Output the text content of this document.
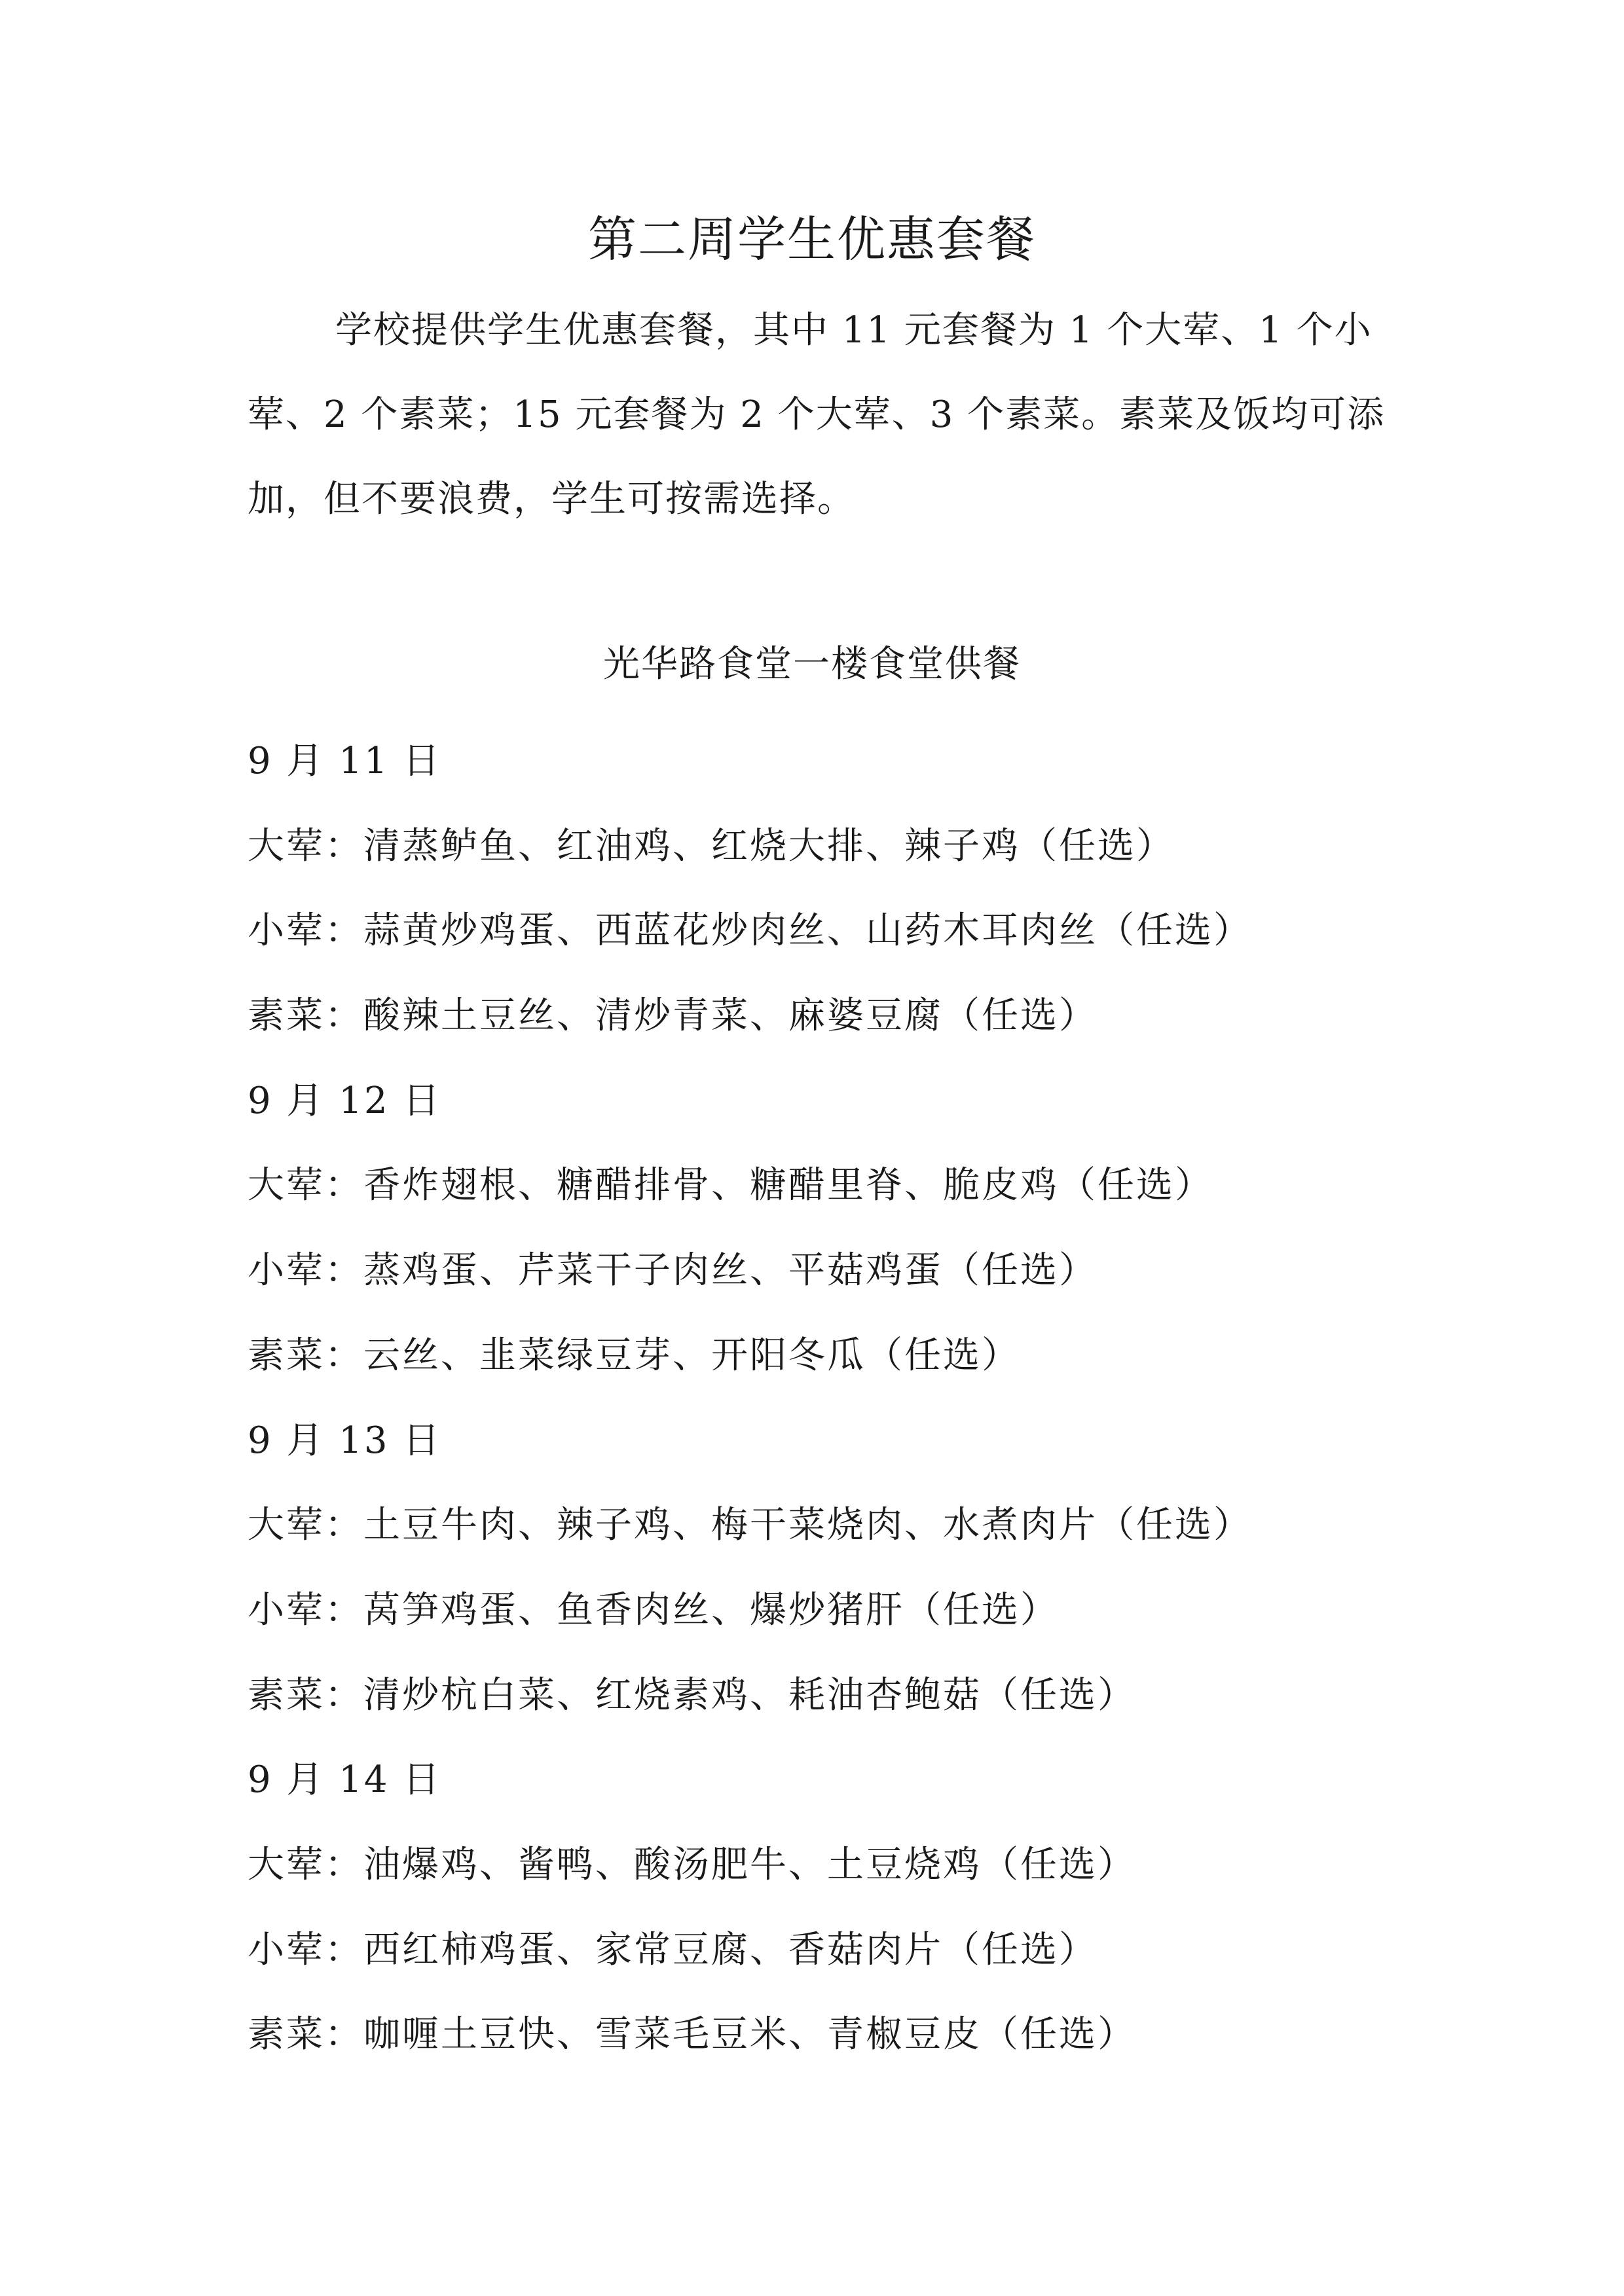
第二周学生优惠套餐

学校提供学生优惠套餐，其中 11 元套餐为 1 个大荤、1 个小荤、2 个素菜；15 元套餐为 2 个大荤、3 个素菜。素菜及饭均可添加，但不要浪费，学生可按需选择。

光华路食堂一楼食堂供餐
9 月 11 日
大荤：清蒸鲈鱼、红油鸡、红烧大排、辣子鸡（任选）
小荤：蒜黄炒鸡蛋、西蓝花炒肉丝、山药木耳肉丝（任选）
素菜：酸辣土豆丝、清炒青菜、麻婆豆腐（任选）
9 月 12 日
大荤：香炸翅根、糖醋排骨、糖醋里脊、脆皮鸡（任选）
小荤：蒸鸡蛋、芹菜干子肉丝、平菇鸡蛋（任选）
素菜：云丝、韭菜绿豆芽、开阳冬瓜（任选）
9 月 13 日
大荤：土豆牛肉、辣子鸡、梅干菜烧肉、水煮肉片（任选）
小荤：莴笋鸡蛋、鱼香肉丝、爆炒猪肝（任选）
素菜：清炒杭白菜、红烧素鸡、耗油杏鲍菇（任选）
9 月 14 日
大荤：油爆鸡、酱鸭、酸汤肥牛、土豆烧鸡（任选）
小荤：西红柿鸡蛋、家常豆腐、香菇肉片（任选）
素菜：咖喱土豆快、雪菜毛豆米、青椒豆皮（任选）
